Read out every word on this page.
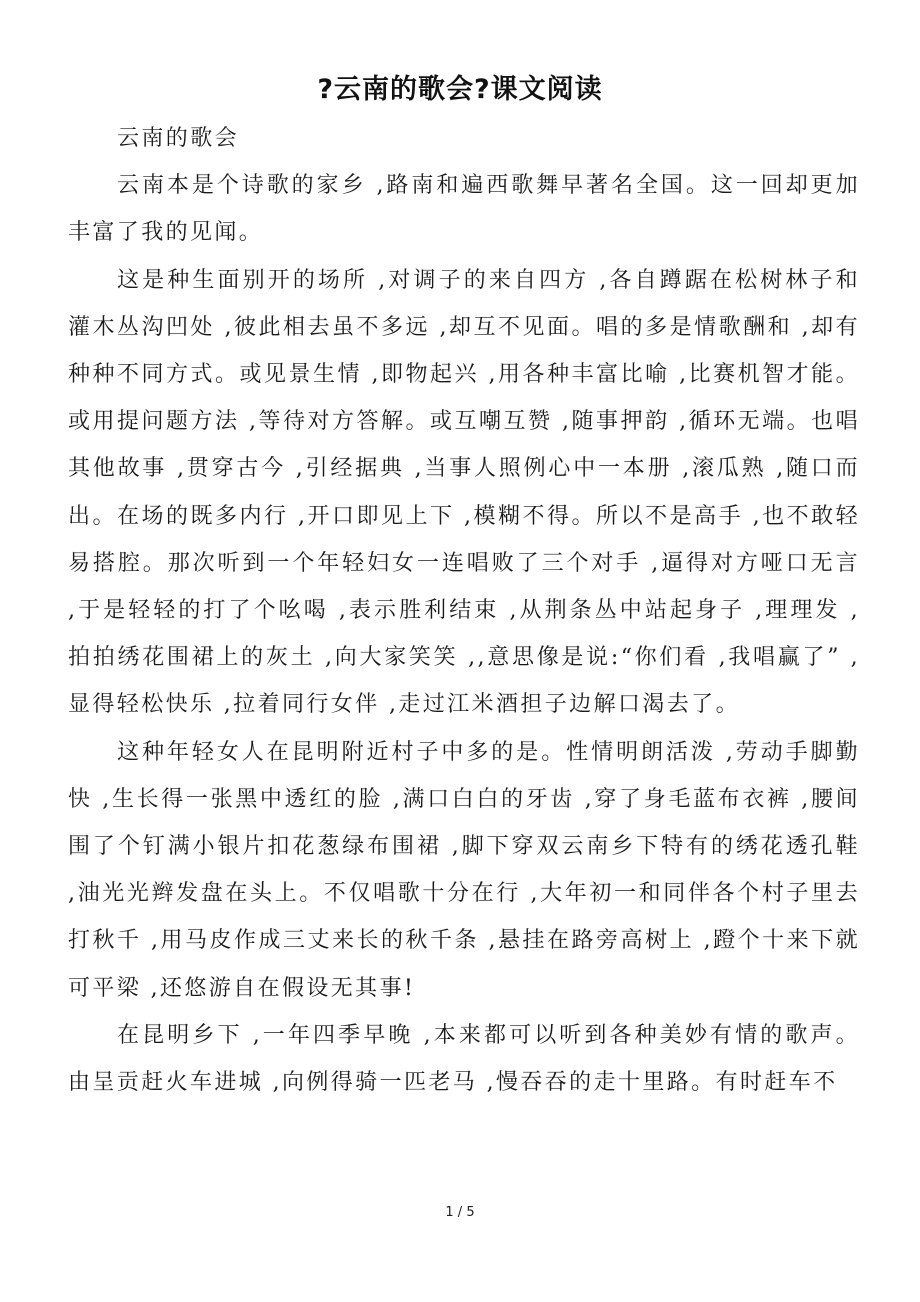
?云南的歌会?课文阅读

云南的歌会

云南本是个诗歌的家乡 ,路南和遍西歌舞早著名全国。这一回却更加丰富了我的见闻。

这是种生面别开的场所 ,对调子的来自四方 ,各自蹲踞在松树林子和灌木丛沟凹处 ,彼此相去虽不多远 ,却互不见面。唱的多是情歌酬和 ,却有种种不同方式。或见景生情 ,即物起兴 ,用各种丰富比喻 ,比赛机智才能。或用提问题方法 ,等待对方答解。或互嘲互赞 ,随事押韵 ,循环无端。也唱其他故事 ,贯穿古今 ,引经据典 ,当事人照例心中一本册 ,滚瓜熟 ,随口而出。在场的既多内行 ,开口即见上下 ,模糊不得。所以不是高手 ,也不敢轻易搭腔。那次听到一个年轻妇女一连唱败了三个对手 ,逼得对方哑口无言 ,于是轻轻的打了个吆喝 ,表示胜利结束 ,从荆条丛中站起身子 ,理理发 ,拍拍绣花围裙上的灰土 ,向大家笑笑 ,,意思像是说:“你们看 ,我唱赢了” ,显得轻松快乐 ,拉着同行女伴 ,走过江米酒担子边解口渴去了。

这种年轻女人在昆明附近村子中多的是。性情明朗活泼 ,劳动手脚勤快 ,生长得一张黑中透红的脸 ,满口白白的牙齿 ,穿了身毛蓝布衣裤 ,腰间围了个钉满小银片扣花葱绿布围裙 ,脚下穿双云南乡下特有的绣花透孔鞋 ,油光光辫发盘在头上。不仅唱歌十分在行 ,大年初一和同伴各个村子里去打秋千 ,用马皮作成三丈来长的秋千条 ,悬挂在路旁高树上 ,蹬个十来下就可平梁 ,还悠游自在假设无其事!

在昆明乡下 ,一年四季早晚 ,本来都可以听到各种美妙有情的歌声。由呈贡赶火车进城 ,向例得骑一匹老马 ,慢吞吞的走十里路。有时赶车不

1 / 5
